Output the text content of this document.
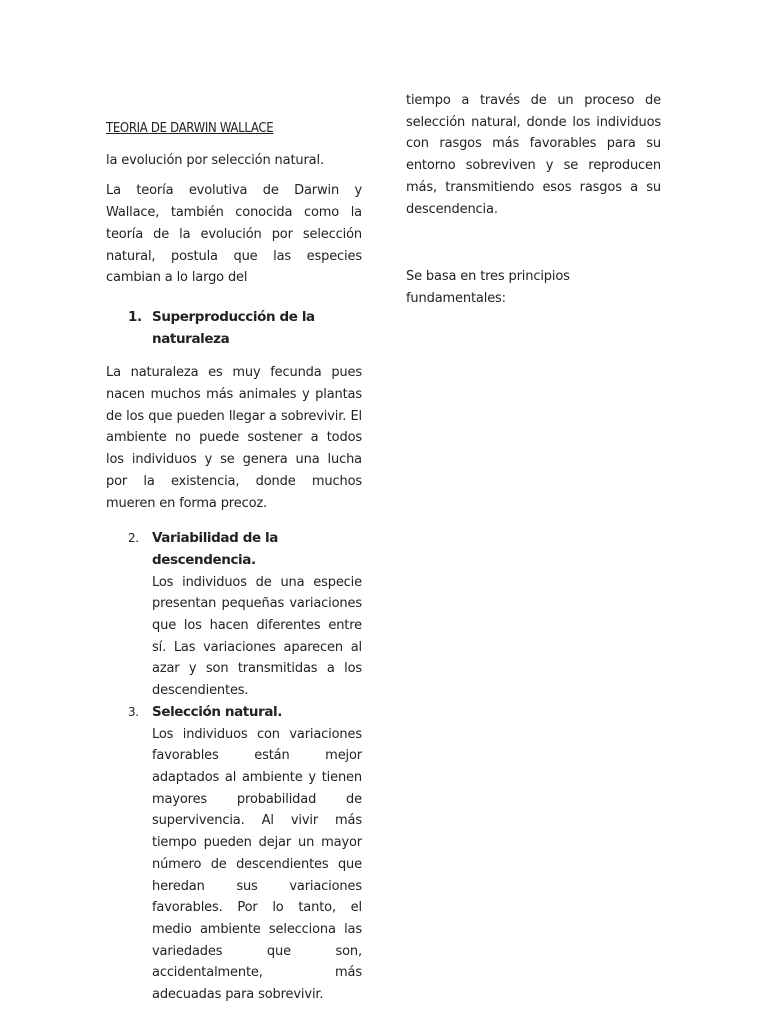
TEORIA DE DARWIN WALLACE

la evolución por selección natural.

La teoría evolutiva de Darwin y Wallace, también conocida como la teoría de la evolución por selección natural, postula que las especies cambian a lo largo del

1. Superproducción de la naturaleza

La naturaleza es muy fecunda pues nacen muchos más animales y plantas de los que pueden llegar a sobrevivir. El ambiente no puede sostener a todos los individuos y se genera una lucha por la existencia, donde muchos mueren en forma precoz.

2. Variabilidad de la descendencia.

Los individuos de una especie presentan pequeñas variaciones que los hacen diferentes entre sí. Las variaciones aparecen al azar y son transmitidas a los descendientes.

3. Selección natural.

Los individuos con variaciones favorables están mejor adaptados al ambiente y tienen mayores probabilidad de supervivencia. Al vivir más tiempo pueden dejar un mayor número de descendientes que heredan sus variaciones favorables. Por lo tanto, el medio ambiente selecciona las variedades que son, accidentalmente, más adecuadas para sobrevivir.

tiempo a través de un proceso de selección natural, donde los individuos con rasgos más favorables para su entorno sobreviven y se reproducen más, transmitiendo esos rasgos a su descendencia.

Se basa en tres principios fundamentales:
